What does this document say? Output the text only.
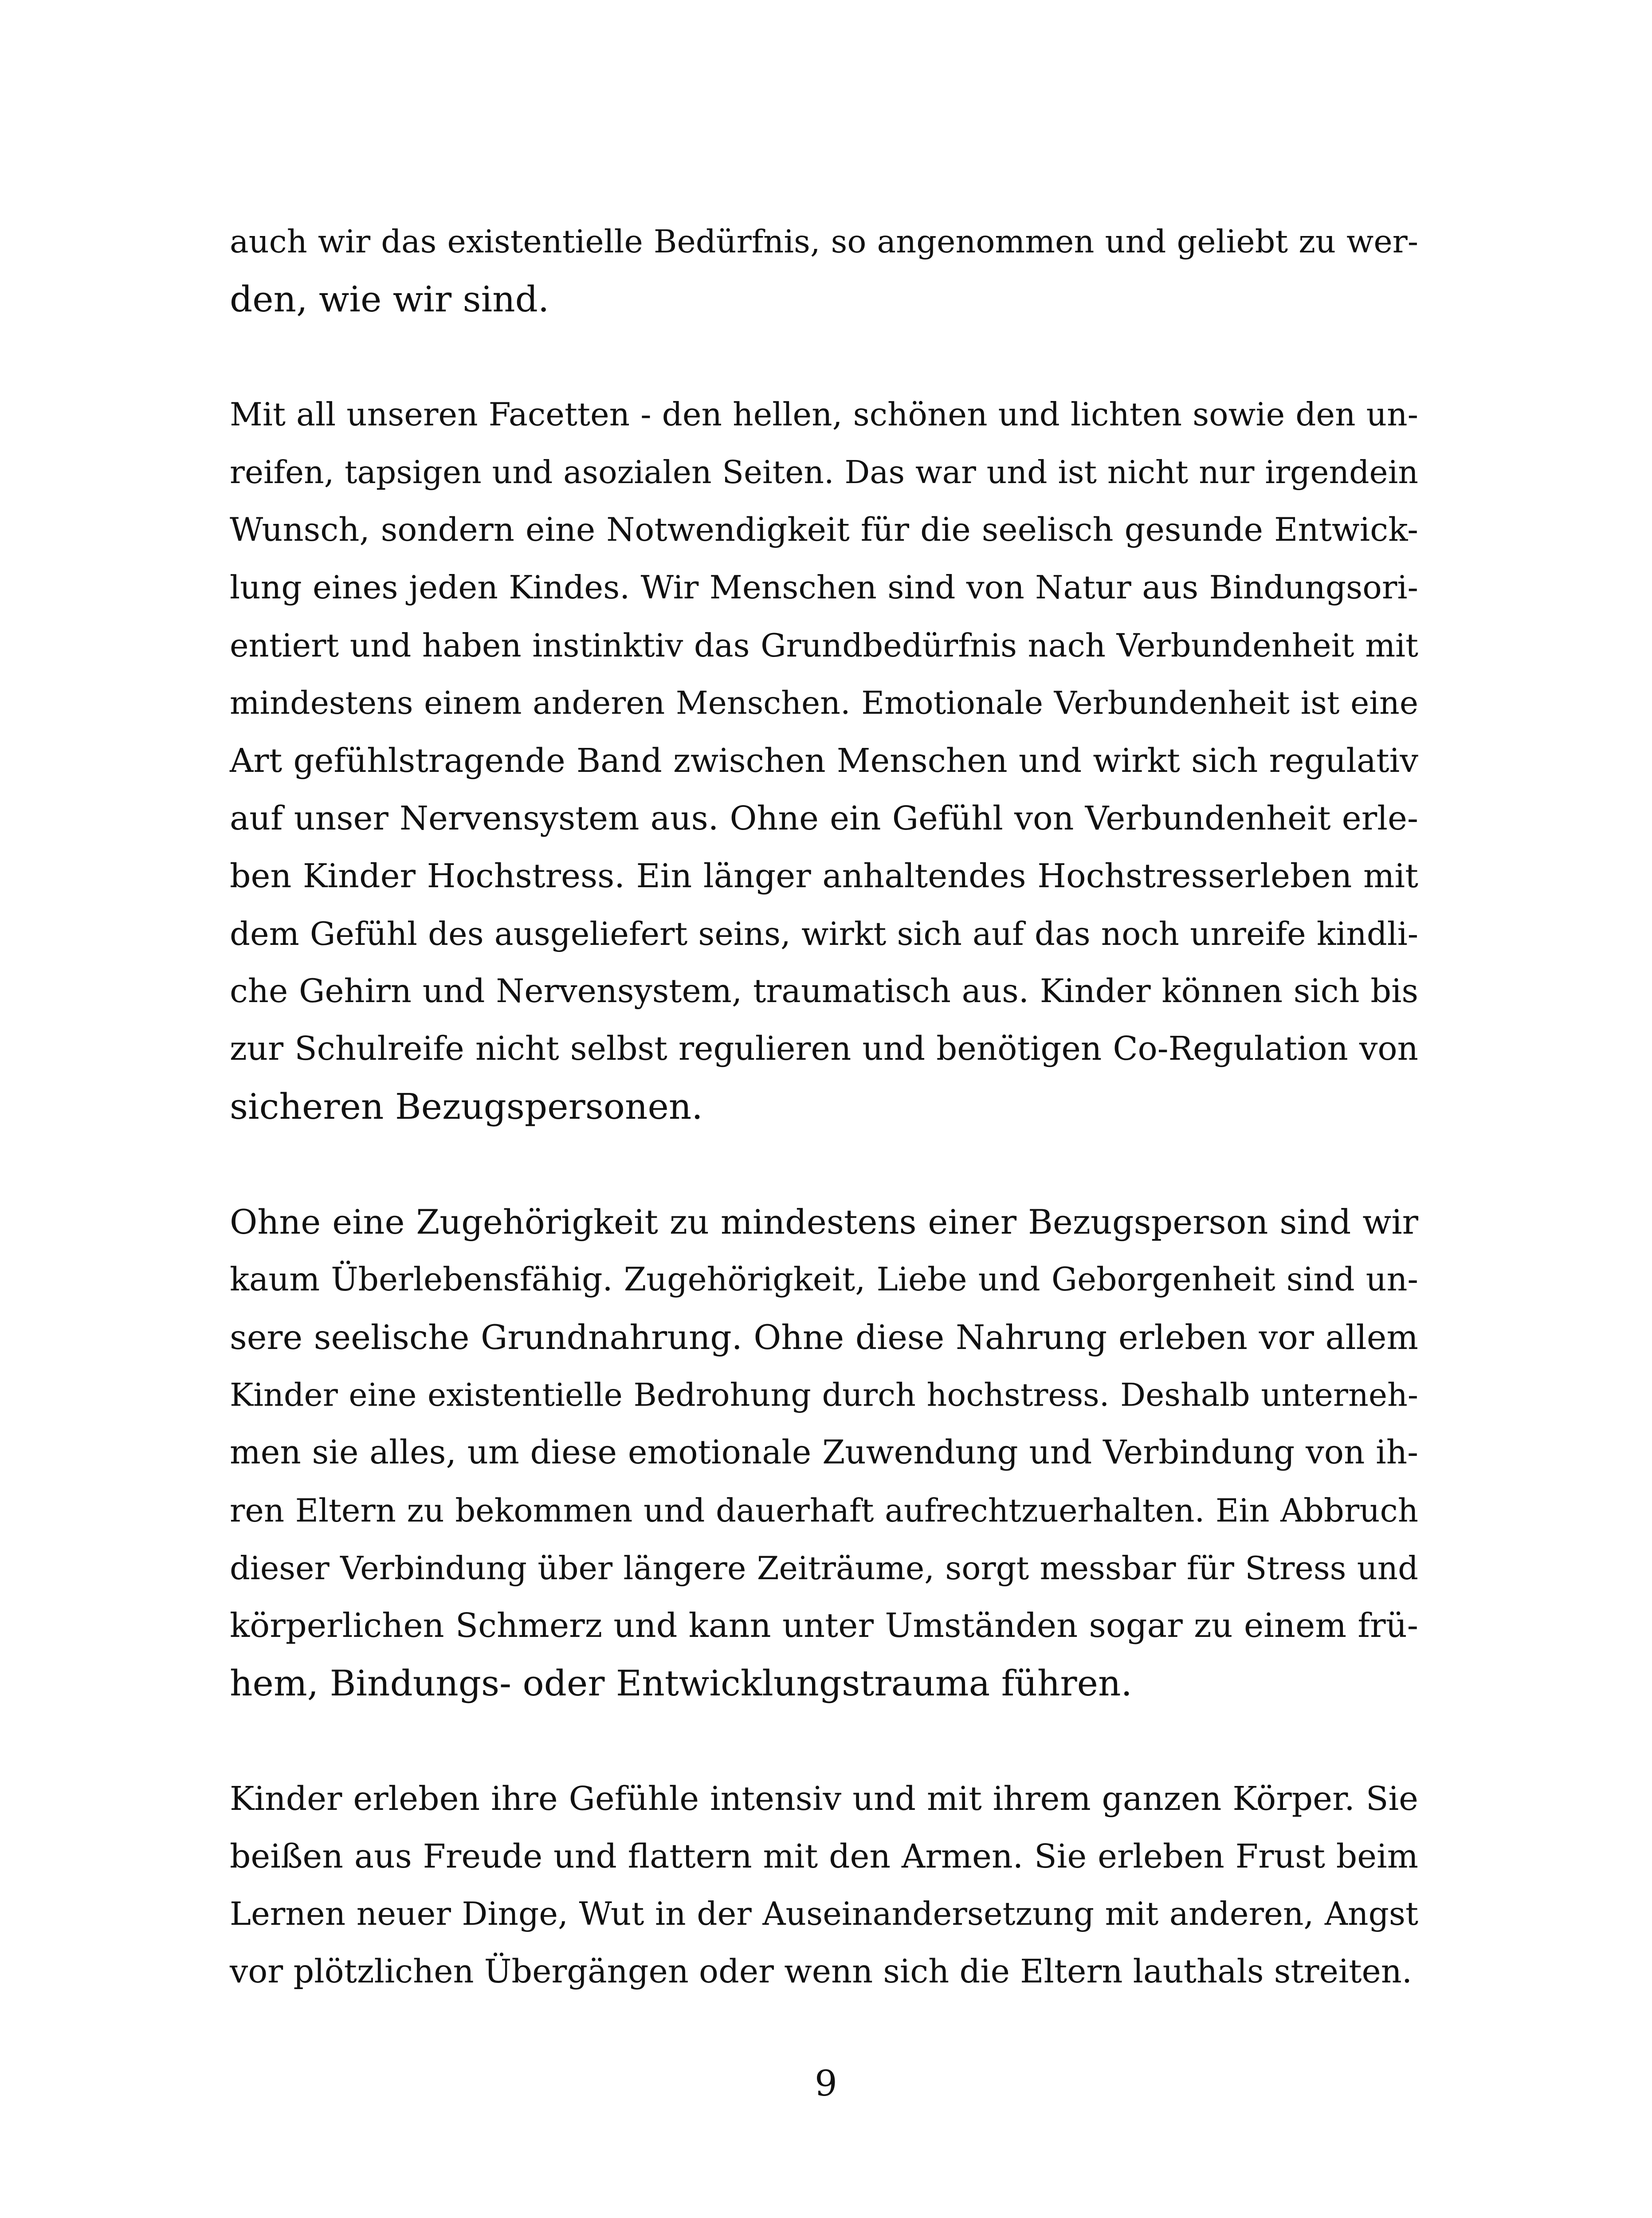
auch wir das existentielle Bedürfnis, so angenommen und geliebt zu wer-
den, wie wir sind.
Mit all unseren Facetten - den hellen, schönen und lichten sowie den un-
reifen, tapsigen und asozialen Seiten. Das war und ist nicht nur irgendein
Wunsch, sondern eine Notwendigkeit für die seelisch gesunde Entwick-
lung eines jeden Kindes. Wir Menschen sind von Natur aus Bindungsori-
entiert und haben instinktiv das Grundbedürfnis nach Verbundenheit mit
mindestens einem anderen Menschen. Emotionale Verbundenheit ist eine
Art gefühlstragende Band zwischen Menschen und wirkt sich regulativ
auf unser Nervensystem aus. Ohne ein Gefühl von Verbundenheit erle-
ben Kinder Hochstress. Ein länger anhaltendes Hochstresserleben mit
dem Gefühl des ausgeliefert seins, wirkt sich auf das noch unreife kindli-
che Gehirn und Nervensystem, traumatisch aus. Kinder können sich bis
zur Schulreife nicht selbst regulieren und benötigen Co-Regulation von
sicheren Bezugspersonen.
Ohne eine Zugehörigkeit zu mindestens einer Bezugsperson sind wir
kaum Überlebensfähig. Zugehörigkeit, Liebe und Geborgenheit sind un-
sere seelische Grundnahrung. Ohne diese Nahrung erleben vor allem
Kinder eine existentielle Bedrohung durch hochstress. Deshalb unterneh-
men sie alles, um diese emotionale Zuwendung und Verbindung von ih-
ren Eltern zu bekommen und dauerhaft aufrechtzuerhalten. Ein Abbruch
dieser Verbindung über längere Zeiträume, sorgt messbar für Stress und
körperlichen Schmerz und kann unter Umständen sogar zu einem frü-
hem, Bindungs- oder Entwicklungstrauma führen.
Kinder erleben ihre Gefühle intensiv und mit ihrem ganzen Körper. Sie
beißen aus Freude und flattern mit den Armen. Sie erleben Frust beim
Lernen neuer Dinge, Wut in der Auseinandersetzung mit anderen, Angst
vor plötzlichen Übergängen oder wenn sich die Eltern lauthals streiten.
9
